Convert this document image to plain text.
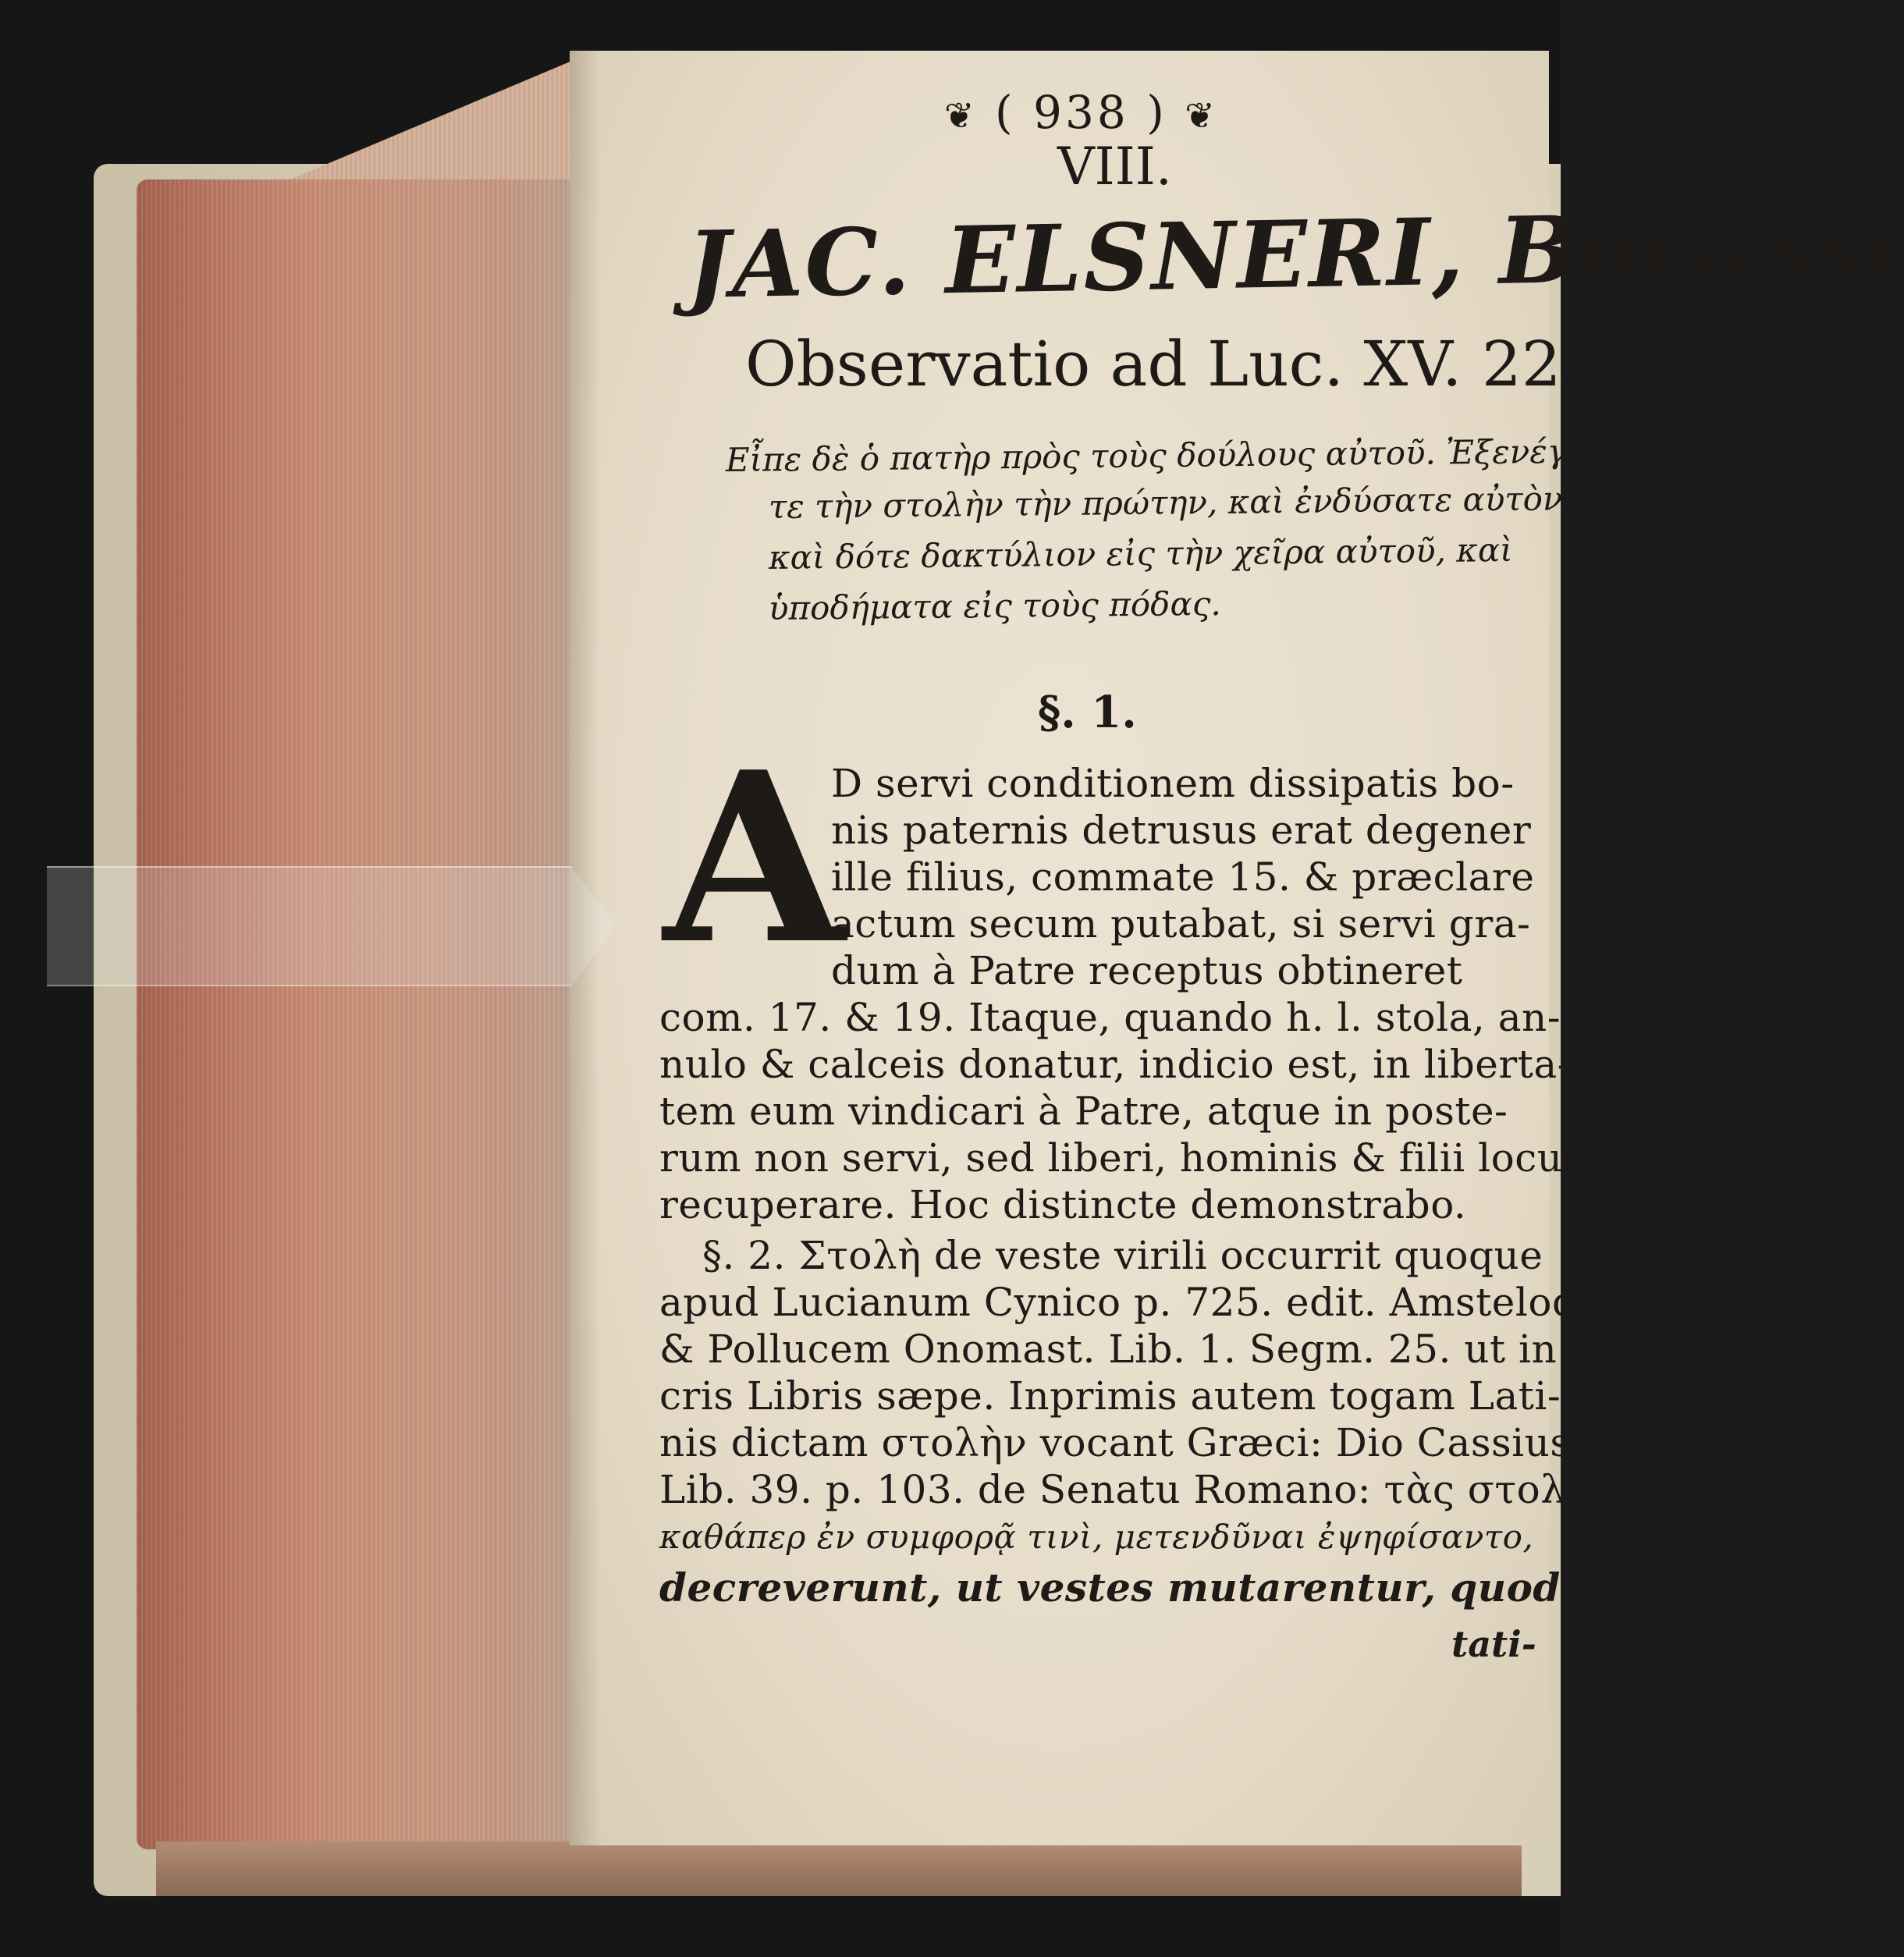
❦ ( 938 ) ❦
VIII.
JAC. ELSNERI, Borussi
Observatio ad Luc. XV. 22.
Εἶπε δὲ ὁ πατὴρ πρὸς τοὺς δούλους αὐτοῦ. Ἐξενέγκα-
τε τὴν στολὴν τὴν πρώτην, καὶ ἐνδύσατε αὐτὸν,
καὶ δότε δακτύλιον εἰς τὴν χεῖρα αὐτοῦ, καὶ
ὑποδήματα εἰς τοὺς πόδας.
§. 1.
A
D servi conditionem dissipatis bo-
nis paternis detrusus erat degener
ille filius, commate 15. & præclare
actum secum putabat, si servi gra-
dum à Patre receptus obtineret
com. 17. & 19. Itaque, quando h. l. stola, an-
nulo & calceis donatur, indicio est, in liberta-
tem eum vindicari à Patre, atque in poste-
rum non servi, sed liberi, hominis & filii locum
recuperare. Hoc distincte demonstrabo.
§. 2. Στολὴ de veste virili occurrit quoque
apud Lucianum Cynico p. 725. edit. Amstelod.
& Pollucem Onomast. Lib. 1. Segm. 25. ut in Sa-
cris Libris sæpe. Inprimis autem togam Lati-
nis dictam στολὴν vocant Græci: Dio Cassius
Lib. 39. p. 103. de Senatu Romano: τὰς στολὰς,
καθάπερ ἐν συμφορᾷ τινὶ, μετενδῦναι ἐψηφίσαντο,
decreverunt, ut vestes mutarentur, quod in calami-
tati-
